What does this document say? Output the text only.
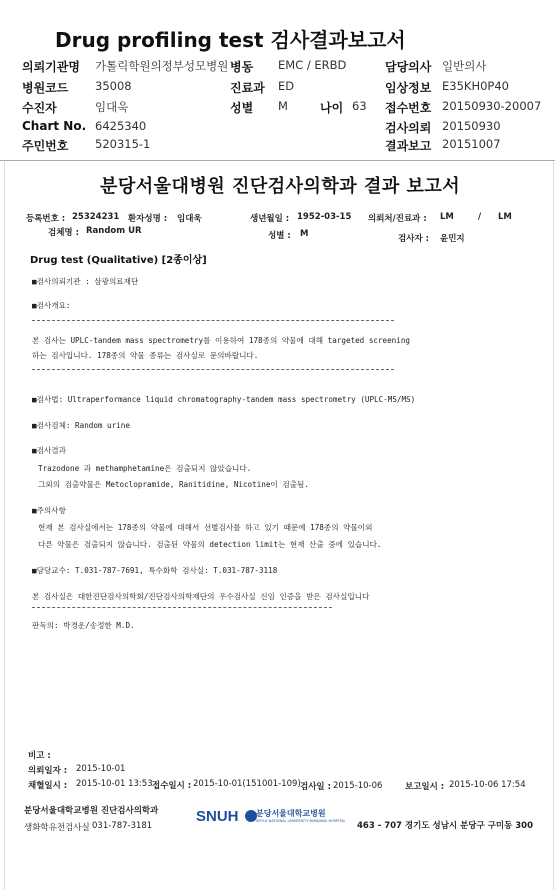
Drug profiling test 검사결과보고서
의뢰기관명 가톨릭학원의정부성모병원 병동 EMC / ERBD	담당의사 일반의사
병원코드 35008	진료과 ED	임상정보 E35KH0P40
수진자	임대욱	성별 M	나이 63 접수번호 20150930-20007
Chart No. 6425340	검사의뢰 20150930
주민번호 520315-1	결과보고 20151007
분당서울대병원 진단검사의학과 결과 보고서
등록번호 : 25324231 환자성명 : 임대욱	생년월일 : 1952-03-15 의뢰처/진료과 : LM	/ LM
검체명 : Random UR	성별 : M	검사자 : 윤민지
Drug test (Qualitative) [2종이상]
■검사의뢰기관 : 삼광의료재단
■검사개요:
본 검사는 UPLC-tandem mass spectrometry를 이용하여 178종의 약물에 대해 targeted screening
하는 검사입니다. 178종의 약물 종류는 검사실로 문의바랍니다.
■검사법: Ultraperformance liquid chromatography-tandem mass spectrometry (UPLC-MS/MS)
■검사검체: Random urine
■검사결과
Trazodone 과 methamphetamine은 검출되지 않았습니다.
그외의 검출약물은 Metoclopramide, Ranitidine, Nicotine이 검출됨.
■주의사항
현재 본 검사실에서는 178종의 약물에 대해서 선별검사를 하고 있기 때문에 178종의 약물이외
다른 약물은 검출되지 않습니다. 검출된 약물의 detection limit는 현재 산출 중에 있습니다.
■담당교수: T.031-787-7691, 특수화학 검사실: T.031-787-3118
본 검사실은 대한진단검사의학회/진단검사의학재단의 우수검사실 신임 인증을 받은 검사실입니다
판독의: 박경운/송정한 M.D.
비고 :
의뢰일자 : 2015-10-01
채혈일시 : 2015-10-01 13:53 접수일시 : 2015-10-01(151001-109) 검사일 : 2015-10-06	보고일시 : 2015-10-06 17:54
분당서울대학교병원 진단검사의학과
생화학유전검사실 031-787-3181
SNUH 분당서울대학교병원
SEOUL NATIONAL UNIVERSITY BUNDANG HOSPITAL 463 - 707 경기도 성남시 분당구 구미동 300
